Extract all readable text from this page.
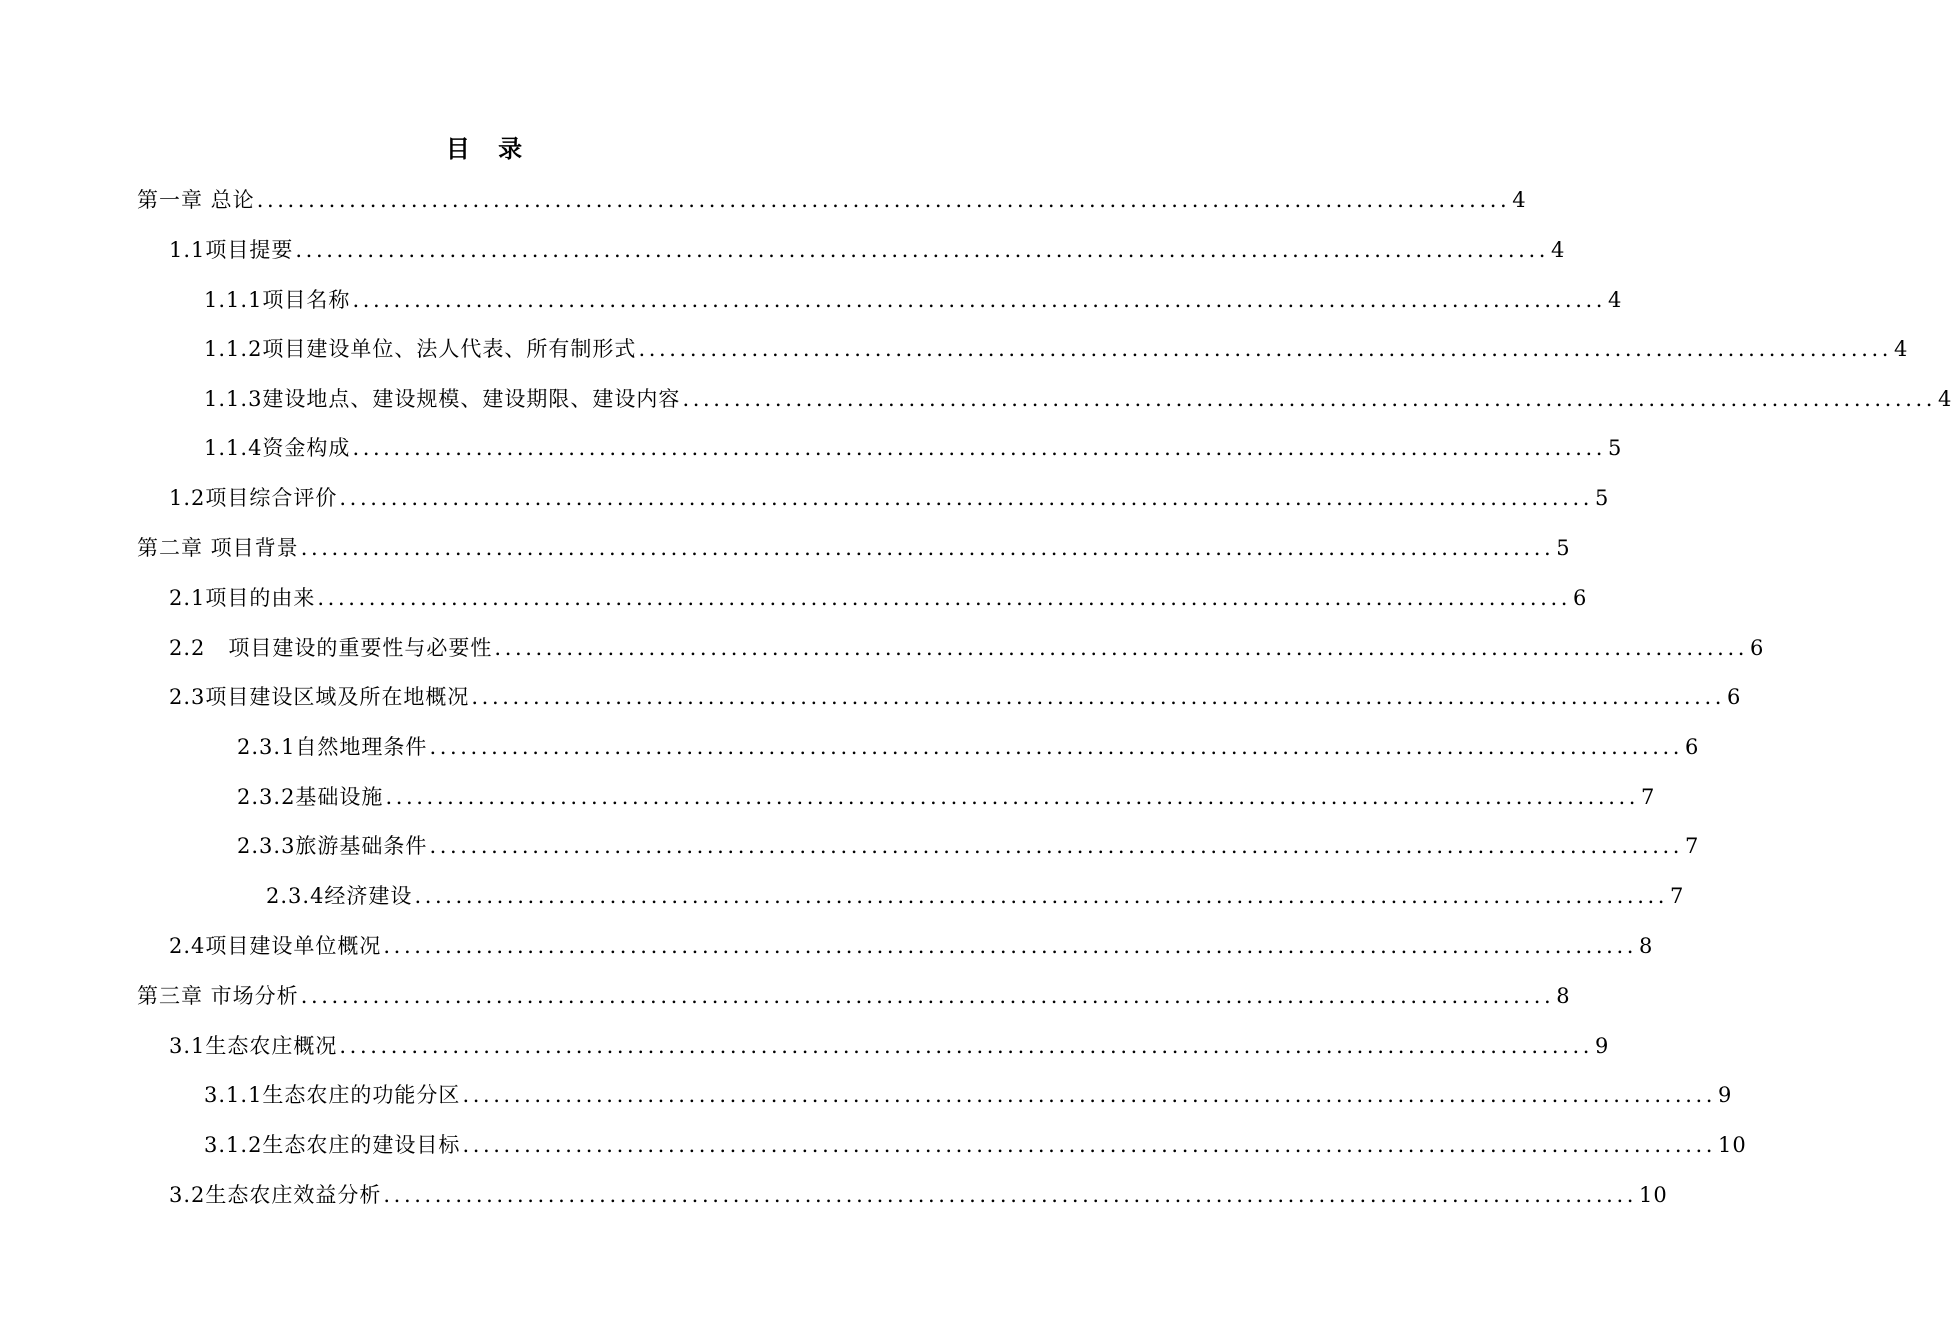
目 录
第一章 总论 .......................................................................................................................... 4
1.1项目提要 .......................................................................................................................... 4
1.1.1项目名称 .......................................................................................................................... 4
1.1.2项目建设单位、法人代表、所有制形式 .......................................................................................................................... 4
1.1.3建设地点、建设规模、建设期限、建设内容 .......................................................................................................................... 4
1.1.4资金构成 .......................................................................................................................... 5
1.2项目综合评价 .......................................................................................................................... 5
第二章 项目背景 .......................................................................................................................... 5
2.1项目的由来 .......................................................................................................................... 6
2.2   项目建设的重要性与必要性 .......................................................................................................................... 6
2.3项目建设区域及所在地概况 .......................................................................................................................... 6
2.3.1自然地理条件 .......................................................................................................................... 6
2.3.2基础设施 .......................................................................................................................... 7
2.3.3旅游基础条件 .......................................................................................................................... 7
2.3.4经济建设 .......................................................................................................................... 7
2.4项目建设单位概况 .......................................................................................................................... 8
第三章 市场分析 .......................................................................................................................... 8
3.1生态农庄概况 .......................................................................................................................... 9
3.1.1生态农庄的功能分区 .......................................................................................................................... 9
3.1.2生态农庄的建设目标 .......................................................................................................................... 10
3.2生态农庄效益分析 .......................................................................................................................... 10
